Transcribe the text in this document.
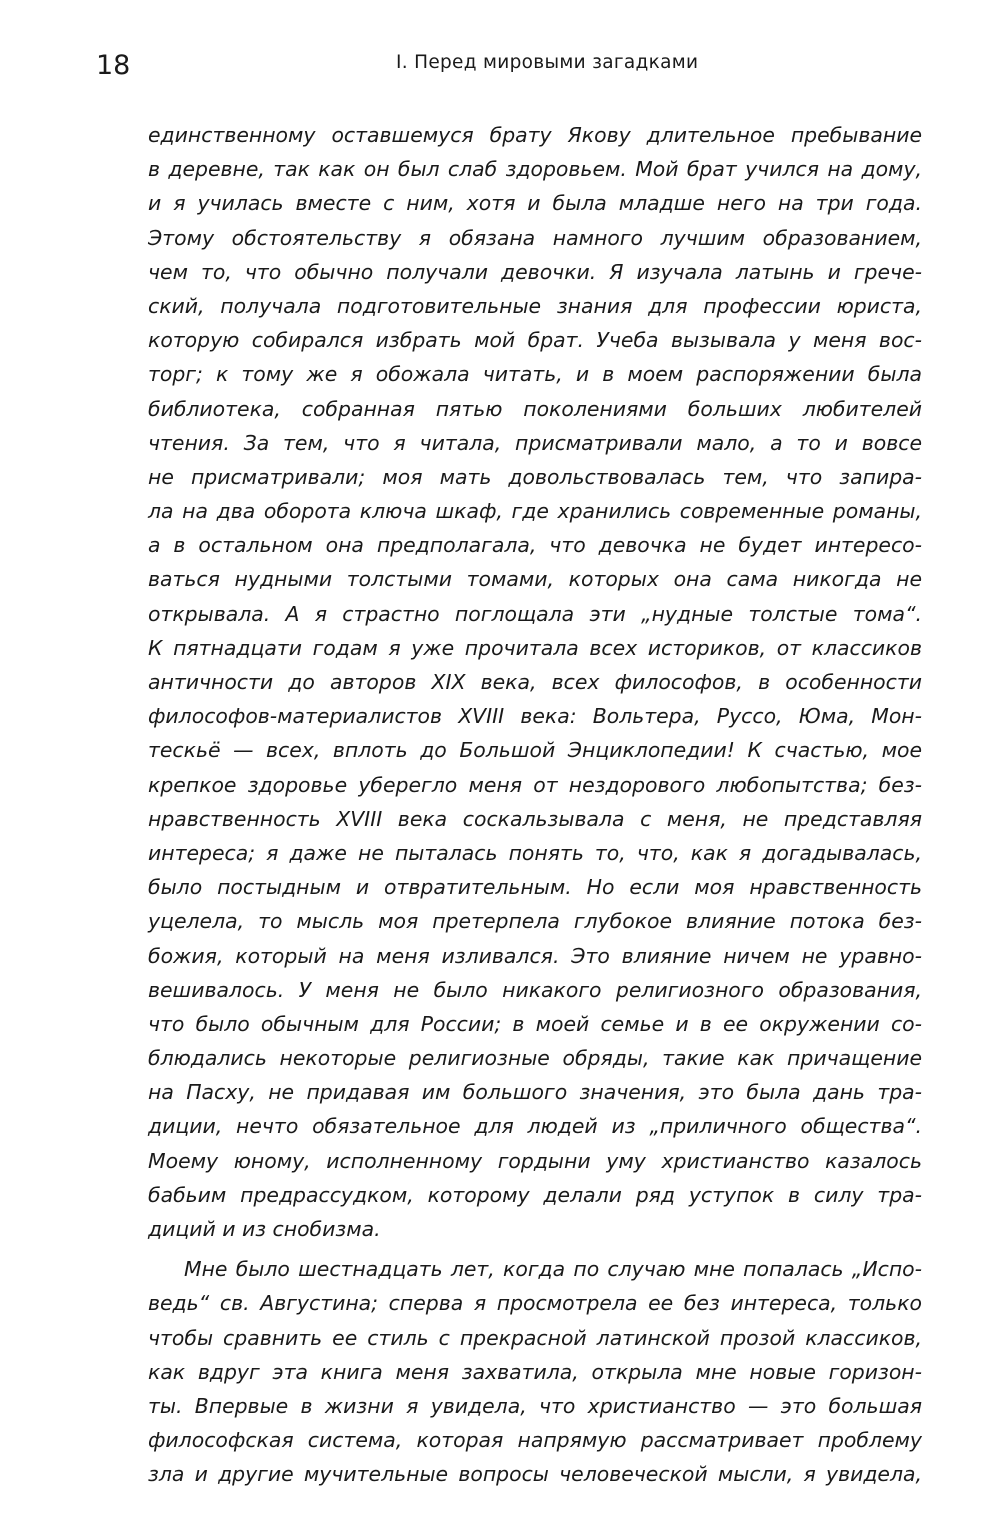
18	I. Перед мировыми загадками
единственному оставшемуся брату Якову длительное пребывание
в деревне, так как он был слаб здоровьем. Мой брат учился на дому,
и я училась вместе с ним, хотя и была младше него на три года.
Этому обстоятельству я обязана намного лучшим образованием,
чем то, что обычно получали девочки. Я изучала латынь и грече-
ский, получала подготовительные знания для профессии юриста,
которую собирался избрать мой брат. Учеба вызывала у меня вос-
торг; к тому же я обожала читать, и в моем распоряжении была
библиотека, собранная пятью поколениями больших любителей
чтения. За тем, что я читала, присматривали мало, а то и вовсе
не присматривали; моя мать довольствовалась тем, что запира-
ла на два оборота ключа шкаф, где хранились современные романы,
а в остальном она предполагала, что девочка не будет интересо-
ваться нудными толстыми томами, которых она сама никогда не
открывала. А я страстно поглощала эти „нудные толстые тома“.
К пятнадцати годам я уже прочитала всех историков, от классиков
античности до авторов XIX века, всех философов, в особенности
философов-материалистов XVIII века: Вольтера, Руссо, Юма, Мон-
тескьё — всех, вплоть до Большой Энциклопедии! К счастью, мое
крепкое здоровье уберегло меня от нездорового любопытства; без-
нравственность XVIII века соскальзывала с меня, не представляя
интереса; я даже не пыталась понять то, что, как я догадывалась,
было постыдным и отвратительным. Но если моя нравственность
уцелела, то мысль моя претерпела глубокое влияние потока без-
божия, который на меня изливался. Это влияние ничем не уравно-
вешивалось. У меня не было никакого религиозного образования,
что было обычным для России; в моей семье и в ее окружении со-
блюдались некоторые религиозные обряды, такие как причащение
на Пасху, не придавая им большого значения, это была дань тра-
диции, нечто обязательное для людей из „приличного общества“.
Моему юному, исполненному гордыни уму христианство казалось
бабьим предрассудком, которому делали ряд уступок в силу тра-
диций и из снобизма.
Мне было шестнадцать лет, когда по случаю мне попалась „Испо-
ведь“ св. Августина; сперва я просмотрела ее без интереса, только
чтобы сравнить ее стиль с прекрасной латинской прозой классиков,
как вдруг эта книга меня захватила, открыла мне новые горизон-
ты. Впервые в жизни я увидела, что христианство — это большая
философская система, которая напрямую рассматривает проблему
зла и другие мучительные вопросы человеческой мысли, я увидела,
